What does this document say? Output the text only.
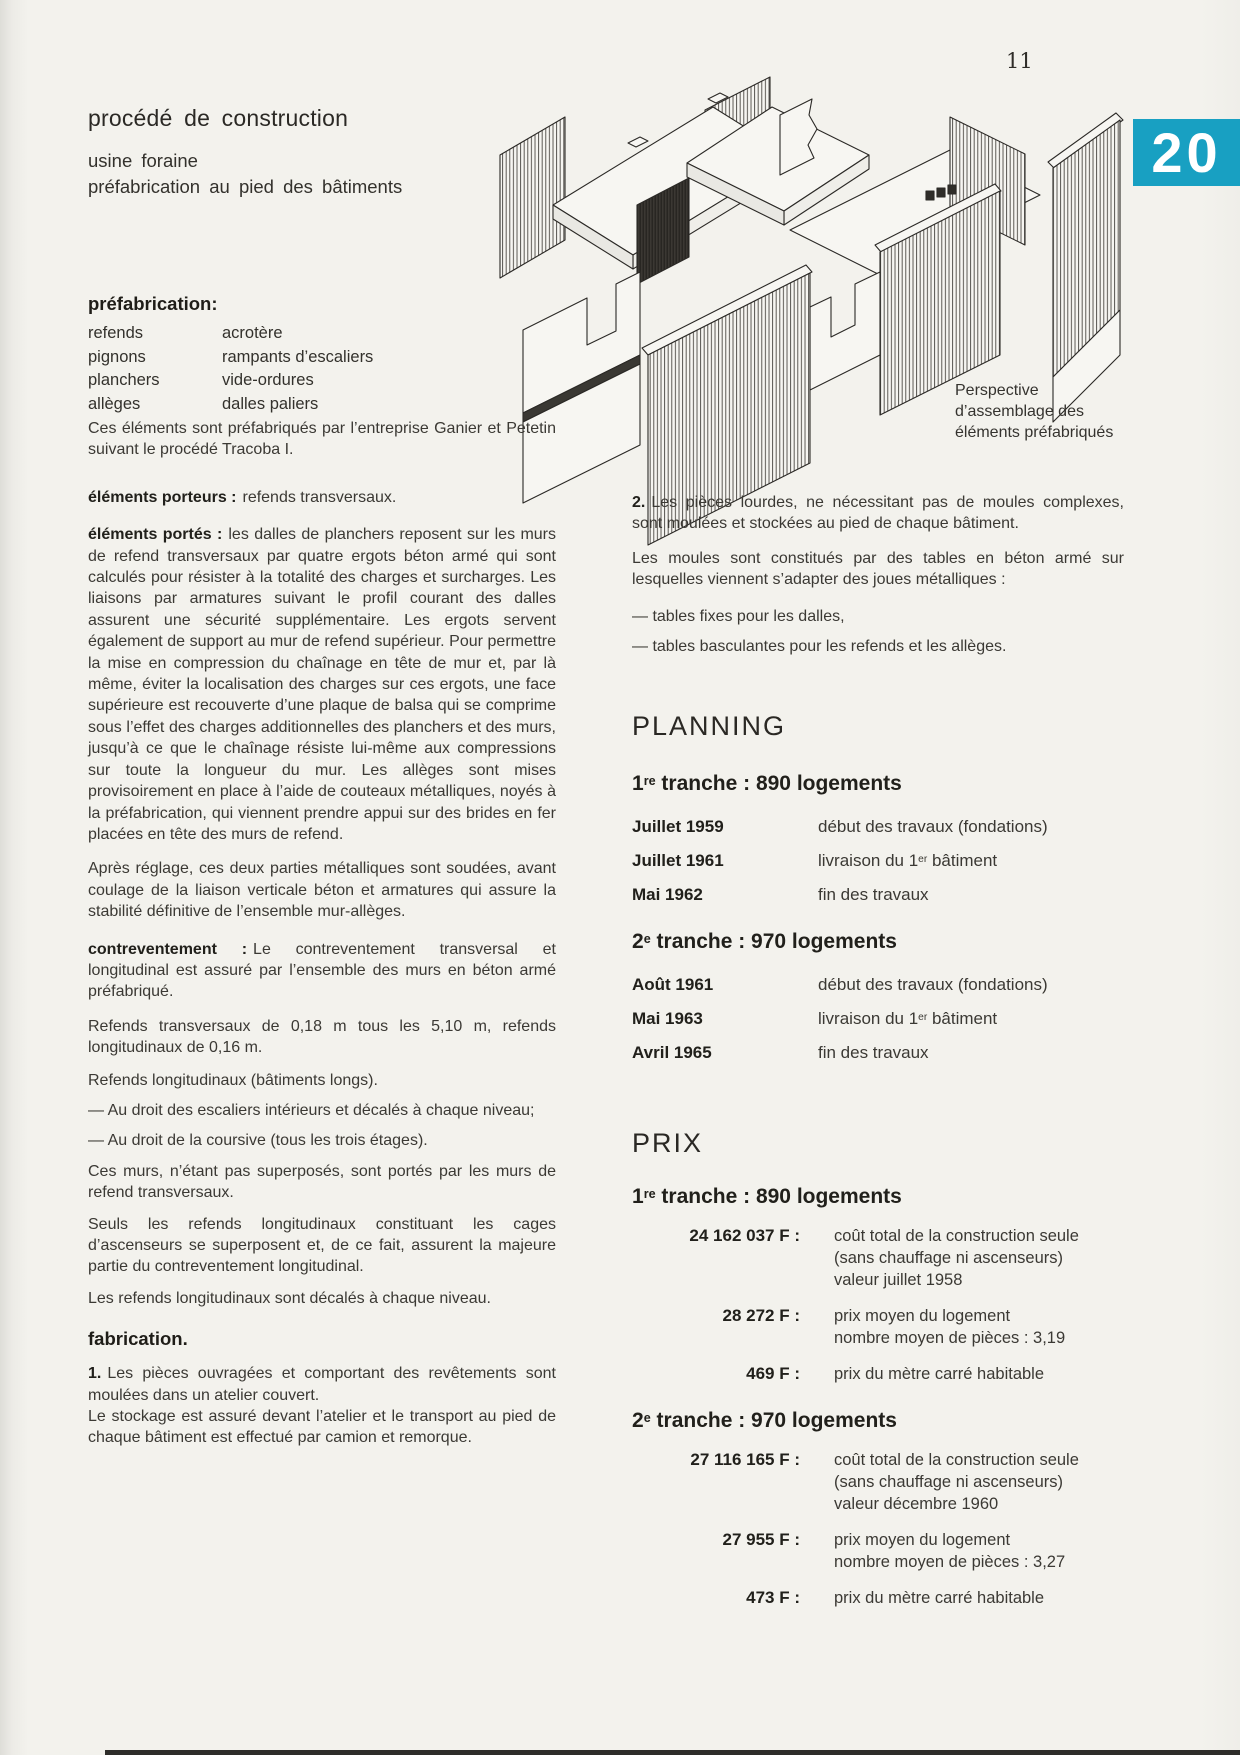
11
20
Perspective
d’assemblage des
éléments préfabriqués

procédé de construction

usine foraine

préfabrication au pied des bâtiments

préfabrication:

refends	acrotère
pignons	rampants d’escaliers
planchers	vide-ordures
allèges	dalles paliers

Ces éléments sont préfabriqués par l’entreprise Ganier et Petetin suivant le procédé Tracoba I.

éléments porteurs : refends transversaux.

éléments portés : les dalles de planchers reposent sur les murs de refend transversaux par quatre ergots béton armé qui sont calculés pour résister à la totalité des charges et surcharges. Les liaisons par armatures suivant le profil courant des dalles assurent une sécurité supplémentaire. Les ergots servent également de support au mur de refend supérieur. Pour permettre la mise en compression du chaînage en tête de mur et, par là même, éviter la localisation des charges sur ces ergots, une face supérieure est recouverte d’une plaque de balsa qui se comprime sous l’effet des charges additionnelles des planchers et des murs, jusqu’à ce que le chaînage résiste lui-même aux compressions sur toute la longueur du mur. Les allèges sont mises provisoirement en place à l’aide de couteaux métalliques, noyés à la préfabrication, qui viennent prendre appui sur des brides en fer placées en tête des murs de refend.

Après réglage, ces deux parties métalliques sont soudées, avant coulage de la liaison verticale béton et armatures qui assure la stabilité définitive de l’ensemble mur-allèges.

contreventement : Le contreventement transversal et longitudinal est assuré par l’ensemble des murs en béton armé préfabriqué.

Refends transversaux de 0,18 m tous les 5,10 m, refends longitudinaux de 0,16 m.

Refends longitudinaux (bâtiments longs).

— Au droit des escaliers intérieurs et décalés à chaque niveau;

— Au droit de la coursive (tous les trois étages).

Ces murs, n’étant pas superposés, sont portés par les murs de refend transversaux.

Seuls les refends longitudinaux constituant les cages d’ascenseurs se superposent et, de ce fait, assurent la majeure partie du contreventement longitudinal.

Les refends longitudinaux sont décalés à chaque niveau.

fabrication.

1. Les pièces ouvragées et comportant des revêtements sont moulées dans un atelier couvert.
Le stockage est assuré devant l’atelier et le transport au pied de chaque bâtiment est effectué par camion et remorque.

2. Les pièces lourdes, ne nécessitant pas de moules complexes, sont moulées et stockées au pied de chaque bâtiment.

Les moules sont constitués par des tables en béton armé sur lesquelles viennent s’adapter des joues métalliques :

— tables fixes pour les dalles,

— tables basculantes pour les refends et les allèges.

PLANNING

1re tranche : 890 logements

Juillet 1959	début des travaux (fondations)
Juillet 1961	livraison du 1er bâtiment
Mai 1962	fin des travaux

2e tranche : 970 logements

Août 1961	début des travaux (fondations)
Mai 1963	livraison du 1er bâtiment
Avril 1965	fin des travaux

PRIX

1re tranche : 890 logements

24 162 037 F : coût total de la construction seule
(sans chauffage ni ascenseurs)
valeur juillet 1958
28 272 F : prix moyen du logement
nombre moyen de pièces : 3,19
469 F : prix du mètre carré habitable

2e tranche : 970 logements

27 116 165 F : coût total de la construction seule
(sans chauffage ni ascenseurs)
valeur décembre 1960
27 955 F : prix moyen du logement
nombre moyen de pièces : 3,27
473 F : prix du mètre carré habitable
